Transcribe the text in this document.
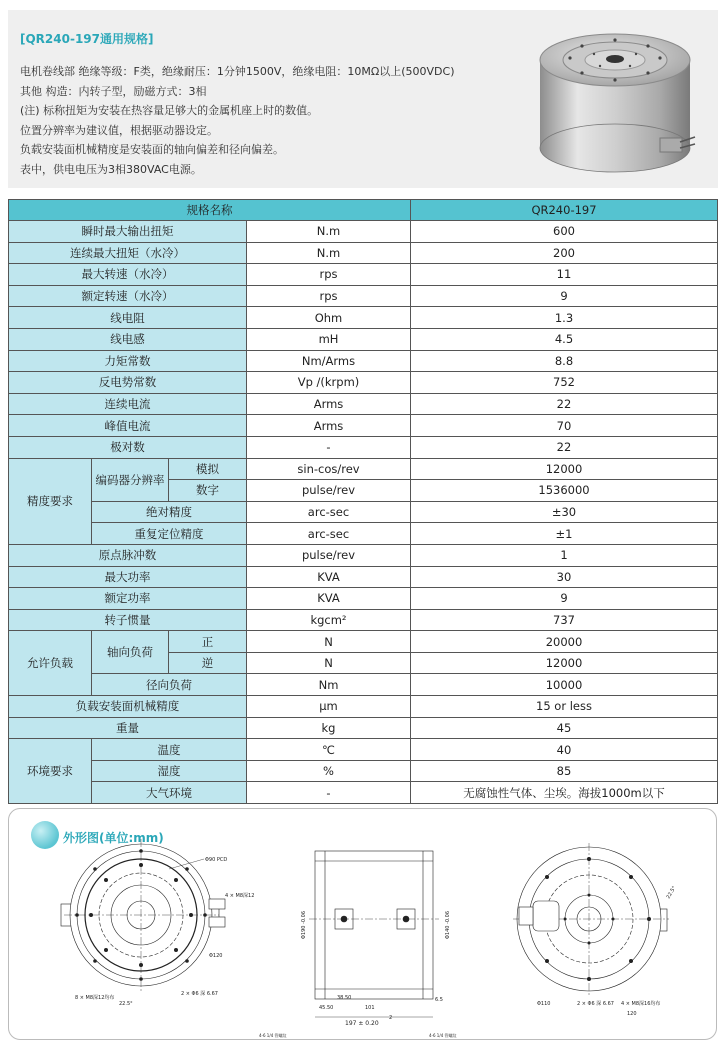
[QR240-197通用规格]
电机卷线部 绝缘等级：F类，绝缘耐压：1分钟1500V，绝缘电阻：10MΩ以上(500VDC)
其他 构造：内转子型，励磁方式：3相
(注) 标称扭矩为安装在热容量足够大的金属机座上时的数值。
位置分辨率为建议值，根据驱动器设定。
负载安装面机械精度是安装面的轴向偏差和径向偏差。
表中，供电电压为3相380VAC电源。
规格名称				QR240-197
瞬时最大输出扭矩			N.m	600
连续最大扭矩（水冷）			N.m	200
最大转速（水冷）			rps	11
额定转速（水冷）			rps	9
线电阻			Ohm	1.3
线电感			mH	4.5
力矩常数			Nm/Arms	8.8
反电势常数			Vp /(krpm)	752
连续电流			Arms	22
峰值电流			Arms	70
极对数			-	22
精度要求	编码器分辨率	模拟	sin-cos/rev	12000
		数字	pulse/rev	1536000
	绝对精度		arc-sec	±30
	重复定位精度		arc-sec	±1
原点脉冲数			pulse/rev	1
最大功率			KVA	30
额定功率			KVA	9
转子惯量			kgcm²	737
允许负载	轴向负荷	正	N	20000
		逆	N	12000
	径向负荷		Nm	10000
负载安装面机械精度			μm	15 or less
重量			kg	45
环境要求	温度		℃	40
	湿度		%	85
	大气环境		-	无腐蚀性气体、尘埃。海拔1000m以下
Φ90 PCD
Φ120
8 × M8深12均布
22.5°
2 × Φ6 深 6.67
4 × M8深12
197 ± 0.20
45.50	101
38.50
2
6.5
Φ190 -0.06	Φ140 -0.06
4-6 1/4 管螺纹	4-6 1/4 管螺纹
2 × Φ6 深 6.67 4 × M8深16均布
120
Φ110
22.5°
外形图(单位:mm)
